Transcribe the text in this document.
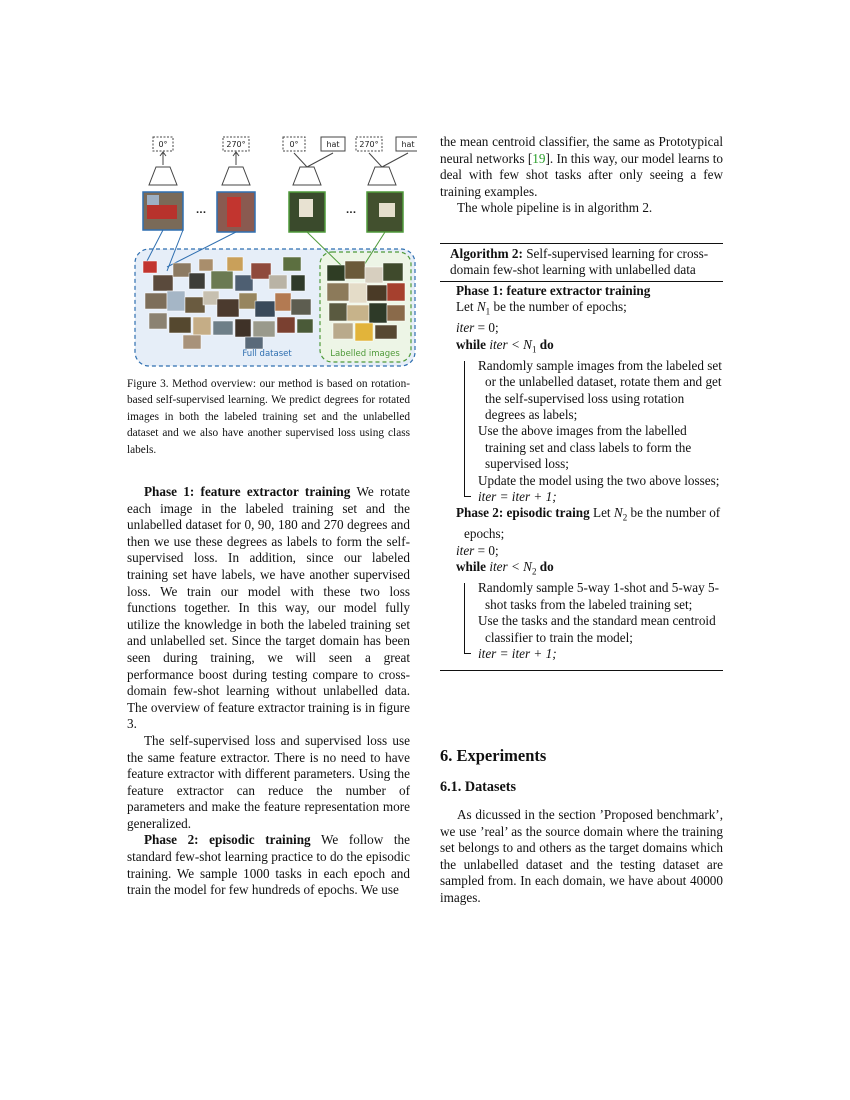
0°	270°	0°	hat 270°	hat
...	...
Full dataset	Labelled images
Figure 3. Method overview: our method is based on rotation-based self-supervised learning. We predict degrees for rotated images in both the labeled training set and the unlabelled dataset and we also have another supervised loss using class labels.

Phase 1: feature extractor training We rotate each image in the labeled training set and the unlabelled dataset for 0, 90, 180 and 270 degrees and then we use these degrees as labels to form the self-supervised loss. In addition, since our labeled training set have labels, we have another supervised loss. We train our model with these two loss functions together. In this way, our model fully utilize the knowledge in both the labeled training set and unlabelled set. Since the target domain has been seen during training, we will seen a great performance boost during testing compare to cross-domain few-shot learning without unlabelled data. The overview of feature extractor training is in figure 3.

The self-supervised loss and supervised loss use the same feature extractor. There is no need to have feature extractor with different parameters. Using the feature extractor can reduce the number of parameters and make the feature representation more generalized.

Phase 2: episodic training We follow the standard few-shot learning practice to do the episodic training. We sample 1000 tasks in each epoch and train the model for few hundreds of epochs. We use

the mean centroid classifier, the same as Prototypical neural networks [19]. In this way, our model learns to deal with few shot tasks after only seeing a few training examples.

The whole pipeline is in algorithm 2.

Algorithm 2: Self-supervised learning for cross-domain few-shot learning with unlabelled data
Phase 1: feature extractor training
Let $N_1$ be the number of epochs;
iter = 0;
while iter < $N_1$ do
Randomly sample images from the labeled set or the unlabelled dataset, rotate them and get the self-supervised loss using rotation degrees as labels;
Use the above images from the labelled training set and class labels to form the supervised loss;
Update the model using the two above losses;
iter = iter + 1;
Phase 2: episodic traing Let $N_2$ be the number of epochs;
iter = 0;
while iter < $N_2$ do
Randomly sample 5-way 1-shot and 5-way 5-shot tasks from the labeled training set;
Use the tasks and the standard mean centroid classifier to train the model;
iter = iter + 1;
6. Experiments
6.1. Datasets

As dicussed in the section ’Proposed benchmark’, we use ’real’ as the source domain where the training set belongs to and others as the target domains which the unlabelled dataset and the testing dataset are sampled from. In each domain, we have about 40000 images.
